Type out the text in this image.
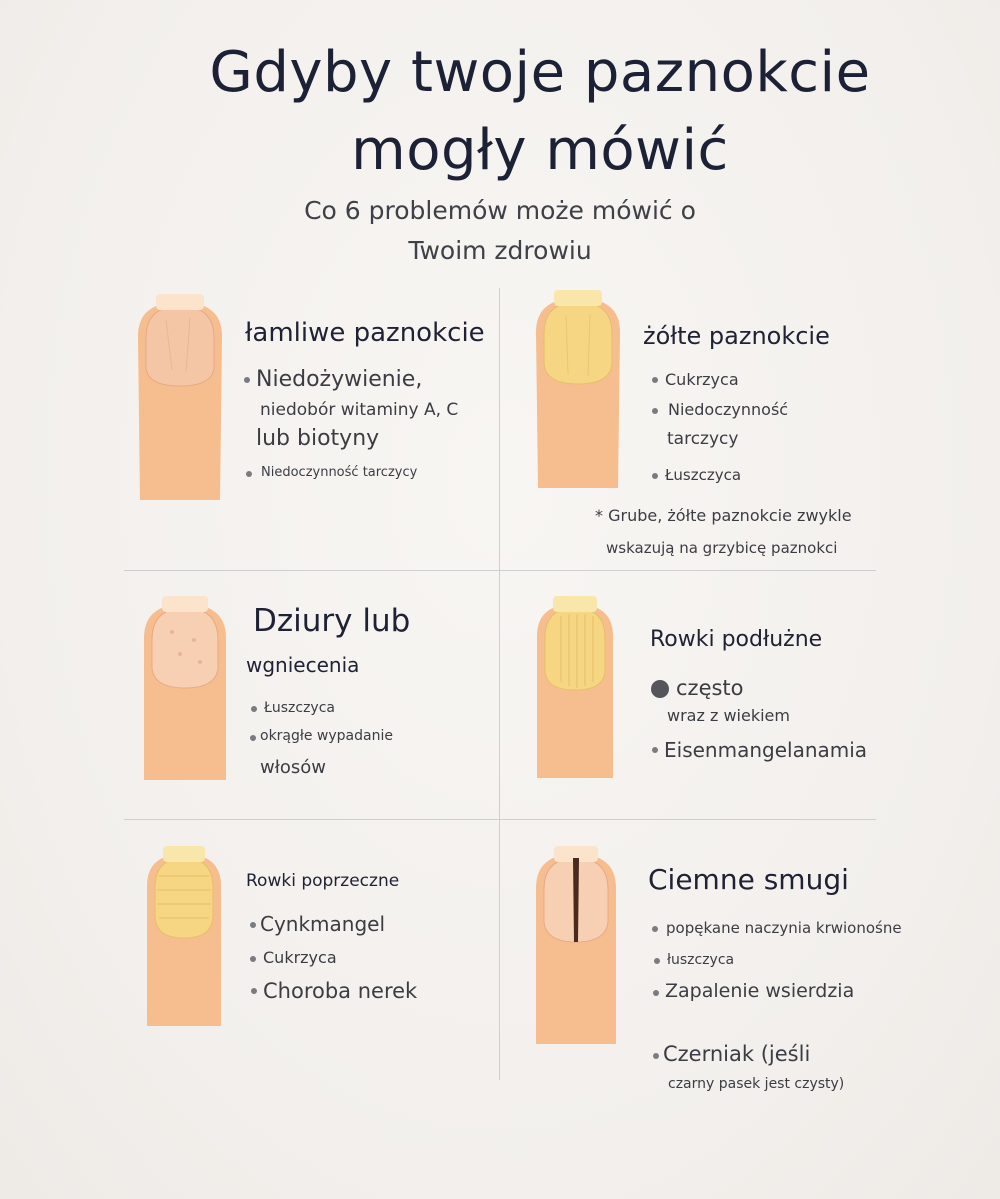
Gdyby twoje paznokcie
mogły mówić
Co 6 problemów może mówić o
Twoim zdrowiu
łamliwe paznokcie
Niedożywienie,
niedobór witaminy A, C
lub biotyny
Niedoczynność tarczycy
żółte paznokcie
Cukrzyca
Niedoczynność
tarczycy
Łuszczyca
* Grube, żółte paznokcie zwykle
wskazują na grzybicę paznokci
Dziury lub
wgniecenia
Łuszczyca
okrągłe wypadanie
włosów
Rowki podłużne
często
wraz z wiekiem
Eisenmangelanamia
Rowki poprzeczne
Cynkmangel
Cukrzyca
Choroba nerek
Ciemne smugi
popękane naczynia krwionośne
łuszczyca
Zapalenie wsierdzia
Czerniak (jeśli
czarny pasek jest czysty)
